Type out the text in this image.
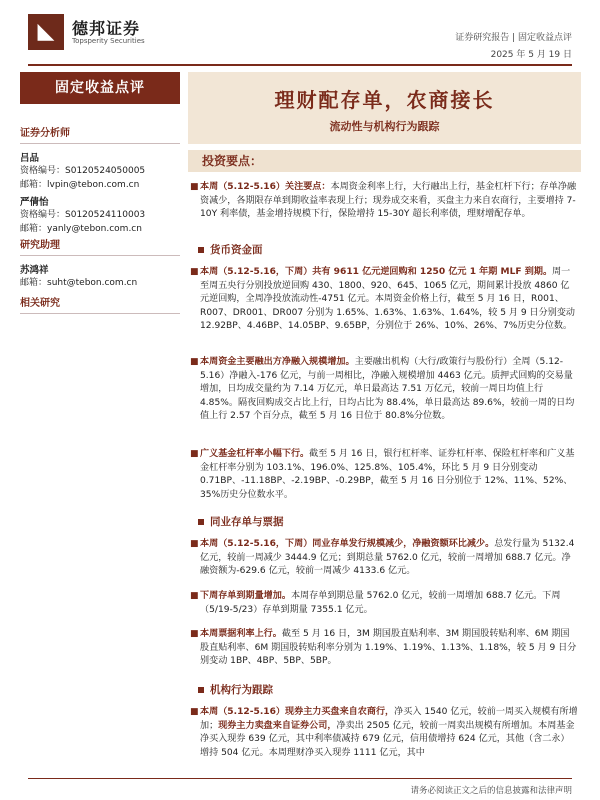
◣	德邦证券
Topsperity Securities	证券研究报告 | 固定收益点评
2025 年 5 月 19 日
固定收益点评	理财配存单，农商接长
流动性与机构行为跟踪
证券分析师
吕品
资格编号：S0120524050005
邮箱：lvpin@tebon.com.cn
严倩怡
资格编号：S0120524110003
邮箱：yanly@tebon.com.cn
研究助理
苏鸿祥
邮箱：suht@tebon.com.cn
相关研究
投资要点：
■ 本周（5.12-5.16）关注要点：本周资金利率上行，大行融出上行，基金杠杆下行；存单净融资减少，各期限存单到期收益率表现上行；现券成交来看，买盘主力来自农商行，主要增持 7-10Y 利率债，基金增持规模下行，保险增持 15-30Y 超长利率债，理财增配存单。
货币资金面
■ 本周（5.12-5.16，下周）共有 9611 亿元逆回购和 1250 亿元 1 年期 MLF 到期。周一至周五央行分别投放逆回购 430、1800、920、645、1065 亿元，期间累计投放 4860 亿元逆回购，全周净投放流动性-4751 亿元。本周资金价格上行，截至 5 月 16 日，R001、R007、DR001、DR007 分别为 1.65%、1.63%、1.63%、1.64%，较 5 月 9 日分别变动 12.92BP、4.46BP、14.05BP、9.65BP，分别位于 26%、10%、26%、7%历史分位数。
■ 本周资金主要融出方净融入规模增加。主要融出机构（大行/政策行与股份行）全周（5.12-5.16）净融入-176 亿元，与前一周相比，净融入规模增加 4463 亿元。质押式回购的交易量增加，日均成交量约为 7.14 万亿元，单日最高达 7.51 万亿元，较前一周日均值上行 4.85%。隔夜回购成交占比上行，日均占比为 88.4%，单日最高达 89.6%，较前一周的日均值上行 2.57 个百分点，截至 5 月 16 日位于 80.8%分位数。
■ 广义基金杠杆率小幅下行。截至 5 月 16 日，银行杠杆率、证券杠杆率、保险杠杆率和广义基金杠杆率分别为 103.1%、196.0%、125.8%、105.4%，环比 5 月 9 日分别变动 0.71BP、-11.18BP、-2.19BP、-0.29BP，截至 5 月 16 日分别位于 12%、11%、52%、35%历史分位数水平。
同业存单与票据
■ 本周（5.12-5.16，下周）同业存单发行规模减少，净融资额环比减少。总发行量为 5132.4 亿元，较前一周减少 3444.9 亿元；到期总量 5762.0 亿元，较前一周增加 688.7 亿元。净融资额为-629.6 亿元，较前一周减少 4133.6 亿元。
■ 下周存单到期量增加。本周存单到期总量 5762.0 亿元，较前一周增加 688.7 亿元。下周（5/19-5/23）存单到期量 7355.1 亿元。
■ 本周票据利率上行。截至 5 月 16 日，3M 期国股直贴利率、3M 期国股转贴利率、6M 期国股直贴利率、6M 期国股转贴利率分别为 1.19%、1.19%、1.13%、1.18%，较 5 月 9 日分别变动 1BP、4BP、5BP、5BP。
机构行为跟踪
■ 本周（5.12-5.16）现券主力买盘来自农商行，净买入 1540 亿元，较前一周买入规模有所增加；现券主力卖盘来自证券公司，净卖出 2505 亿元，较前一周卖出规模有所增加。本周基金净买入现券 639 亿元，其中利率债减持 679 亿元，信用债增持 624 亿元，其他（含二永）增持 504 亿元。本周理财净买入现券 1111 亿元，其中
请务必阅读正文之后的信息披露和法律声明
